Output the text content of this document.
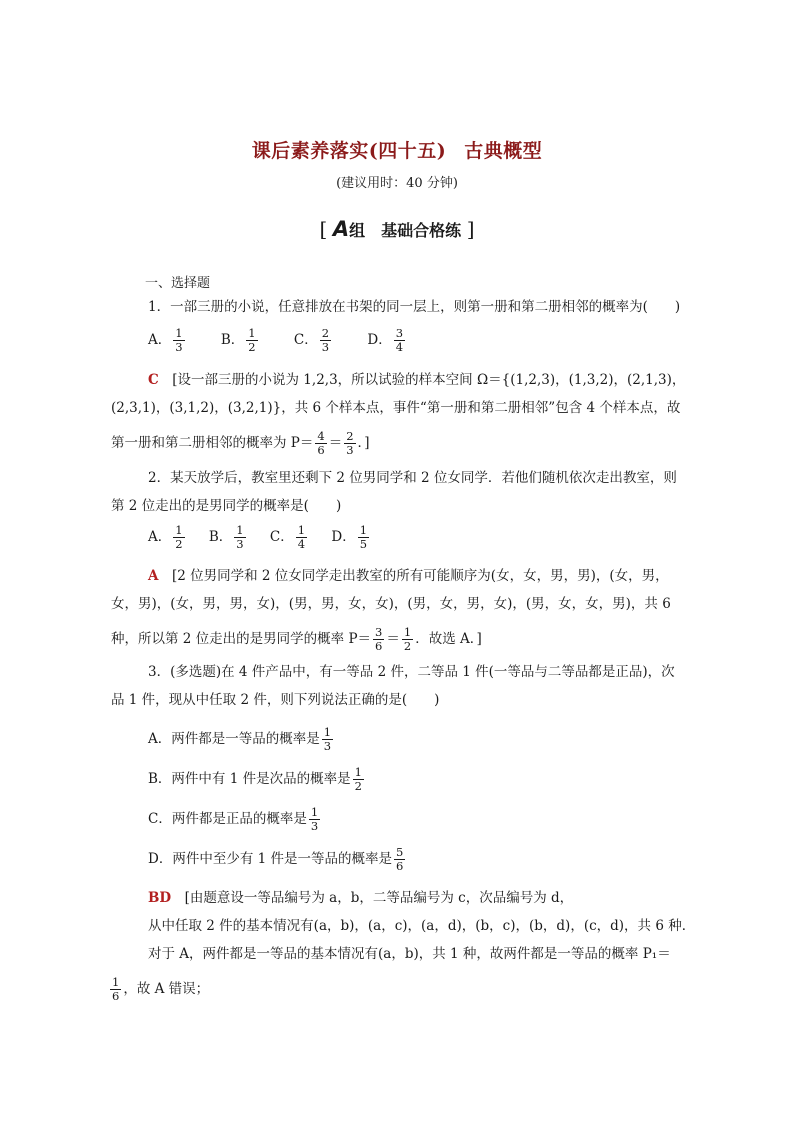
课后素养落实(四十五) 古典概型
(建议用时：40 分钟)
[ A组　基础合格练 ]
一、选择题
1．一部三册的小说，任意排放在书架的同一层上，则第一册和第二册相邻的概率为(　　)
A． $\frac{1}{3}$	B． $\frac{1}{2}$	C． $\frac{2}{3}$	D． $\frac{3}{4}$
C　 [设一部三册的小说为 1,2,3，所以试验的样本空间 Ω＝{(1,2,3)，(1,3,2)，(2,1,3)，
(2,3,1)，(3,1,2)，(3,2,1)}，共 6 个样本点，事件“第一册和第二册相邻”包含 4 个样本点，故
第一册和第二册相邻的概率为 $P= \frac{4}{6} = \frac{2}{3}$ ．]
2．某天放学后，教室里还剩下 2 位男同学和 2 位女同学．若他们随机依次走出教室，则
第 2 位走出的是男同学的概率是(　　)
A． $\frac{1}{2}$ B． $\frac{1}{3}$ C． $\frac{1}{4}$ D． $\frac{1}{5}$
A　 [2 位男同学和 2 位女同学走出教室的所有可能顺序为(女，女，男，男)，(女，男，
女，男)，(女，男，男，女)，(男，男，女，女)，(男，女，男，女)，(男，女，女，男)，共 6
种，所以第 2 位走出的是男同学的概率 $P= \frac{3}{6} = \frac{1}{2}$ ．故选 A．]
3．(多选题)在 4 件产品中，有一等品 2 件，二等品 1 件(一等品与二等品都是正品)，次
品 1 件，现从中任取 2 件，则下列说法正确的是(　　)
A．两件都是一等品的概率是 $\frac{1}{3}$
B．两件中有 1 件是次品的概率是 $\frac{1}{2}$
C．两件都是正品的概率是 $\frac{1}{3}$
D．两件中至少有 1 件是一等品的概率是 $\frac{5}{6}$
BD　 [由题意设一等品编号为 a，b，二等品编号为 c，次品编号为 d，
从中任取 2 件的基本情况有(a，b)，(a，c)，(a，d)，(b，c)，(b，d)，(c，d)，共 6 种．
对于 A，两件都是一等品的基本情况有(a，b)，共 1 种，故两件都是一等品的概率 P₁＝
$\frac{1}{6}$ ，故 A 错误；
